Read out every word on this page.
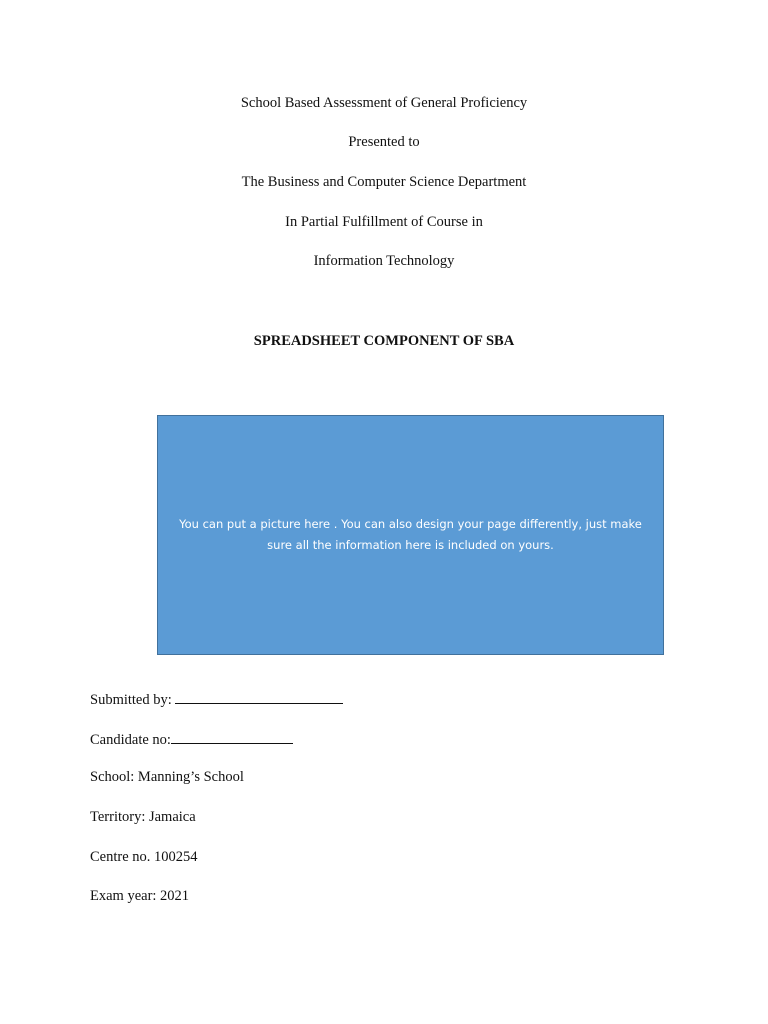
School Based Assessment of General Proficiency
Presented to
The Business and Computer Science Department
In Partial Fulfillment of Course in
Information Technology
SPREADSHEET COMPONENT OF SBA
You can put a picture here . You can also design your page differently, just make sure all the information here is included on yours.
Submitted by:
Candidate no:
School: Manning’s School
Territory: Jamaica
Centre no. 100254
Exam year: 2021
